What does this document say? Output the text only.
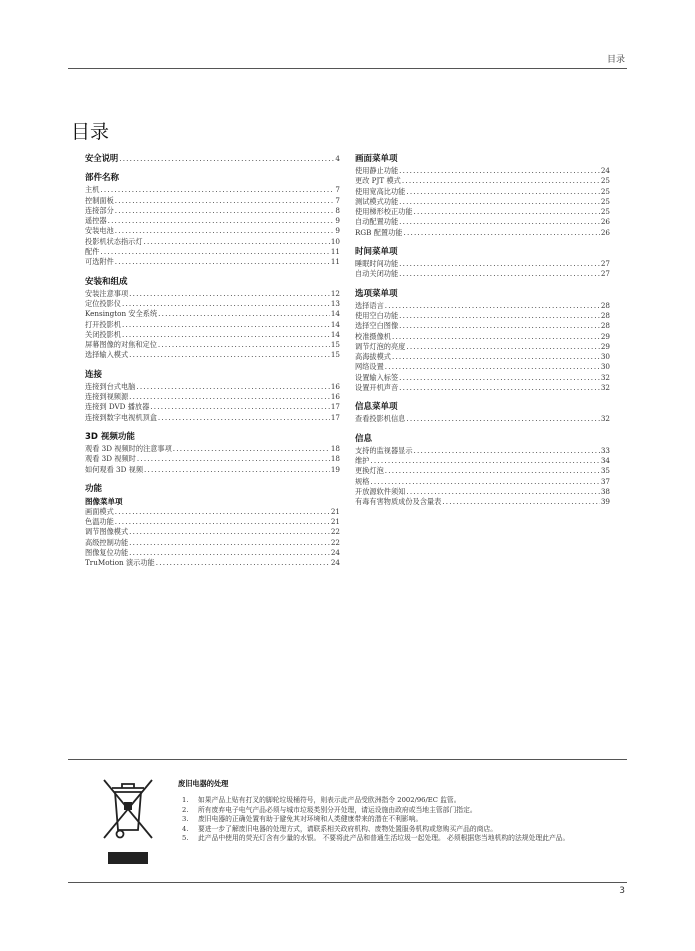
目录
目录
安全说明 .....	4
部件名称
主机 .....	7
控制面板 .....	7
连接部分 .....	8
遥控器 .....	9
安装电池 .....	9
投影机状态指示灯 .....	10
配件 .....	11
可选附件 .....	11
安装和组成
安装注意事项 .....	12
定位投影仪 .....	13
Kensington 安全系统 .....	14
打开投影机 .....	14
关闭投影机 .....	14
屏幕图像的对焦和定位 .....	15
选择输入模式 .....	15
连接
连接到台式电脑 .....	16
连接到视频源 .....	16
连接到 DVD 播放器 .....	17
连接到数字电视机顶盒 .....	17
3D 视频功能
观看 3D 视频时的注意事项 .....	18
观看 3D 视频时 .....	18
如何观看 3D 视频 .....	19
功能
图像菜单项
画面模式 .....	21
色温功能 .....	21
调节图像模式 .....	22
高级控制功能 .....	22
图像复位功能 .....	24
TruMotion 演示功能 .....	24
画面菜单项
使用静止功能 .....	24
更改 PJT 模式 .....	25
使用宽高比功能 .....	25
测试模式功能 .....	25
使用梯形校正功能 .....	25
自动配置功能 .....	26
RGB 配置功能 .....	26
时间菜单项
睡眠时间功能 .....	27
自动关闭功能 .....	27
选项菜单项
选择语言 .....	28
使用空白功能 .....	28
选择空白图像 .....	28
校准摄像机 .....	29
调节灯泡的亮度 .....	29
高海拔模式 .....	30
网络设置 .....	30
设置输入标签 .....	32
设置开机声音 .....	32
信息菜单项
查看投影机信息 .....	32
信息
支持的监视器显示 .....	33
维护 .....	34
更换灯泡 .....	35
规格 .....	37
开放源软件须知 .....	38
有毒有害物质成份及含量表 .....	39
废旧电器的处理
1.	如果产品上贴有打叉的脚轮垃圾桶符号，则表示此产品受欧洲指令 2002/96/EC 监管。
2.	所有废弃电子电气产品必须与城市垃圾类别分开处理，请运设施由政府或当地主管部门指定。
3.	废旧电器的正确处置有助于避免其对环境和人类健康带来的潜在不利影响。
4.	要进一步了解废旧电器的处理方式，请联系相关政府机构、废物处置服务机构或您购买产品的商店。
5.	此产品中使用的荧光灯含有少量的水银。 不要将此产品和普通生活垃圾一起处理。 必须根据您当地机构的法规处理此产品。
3
